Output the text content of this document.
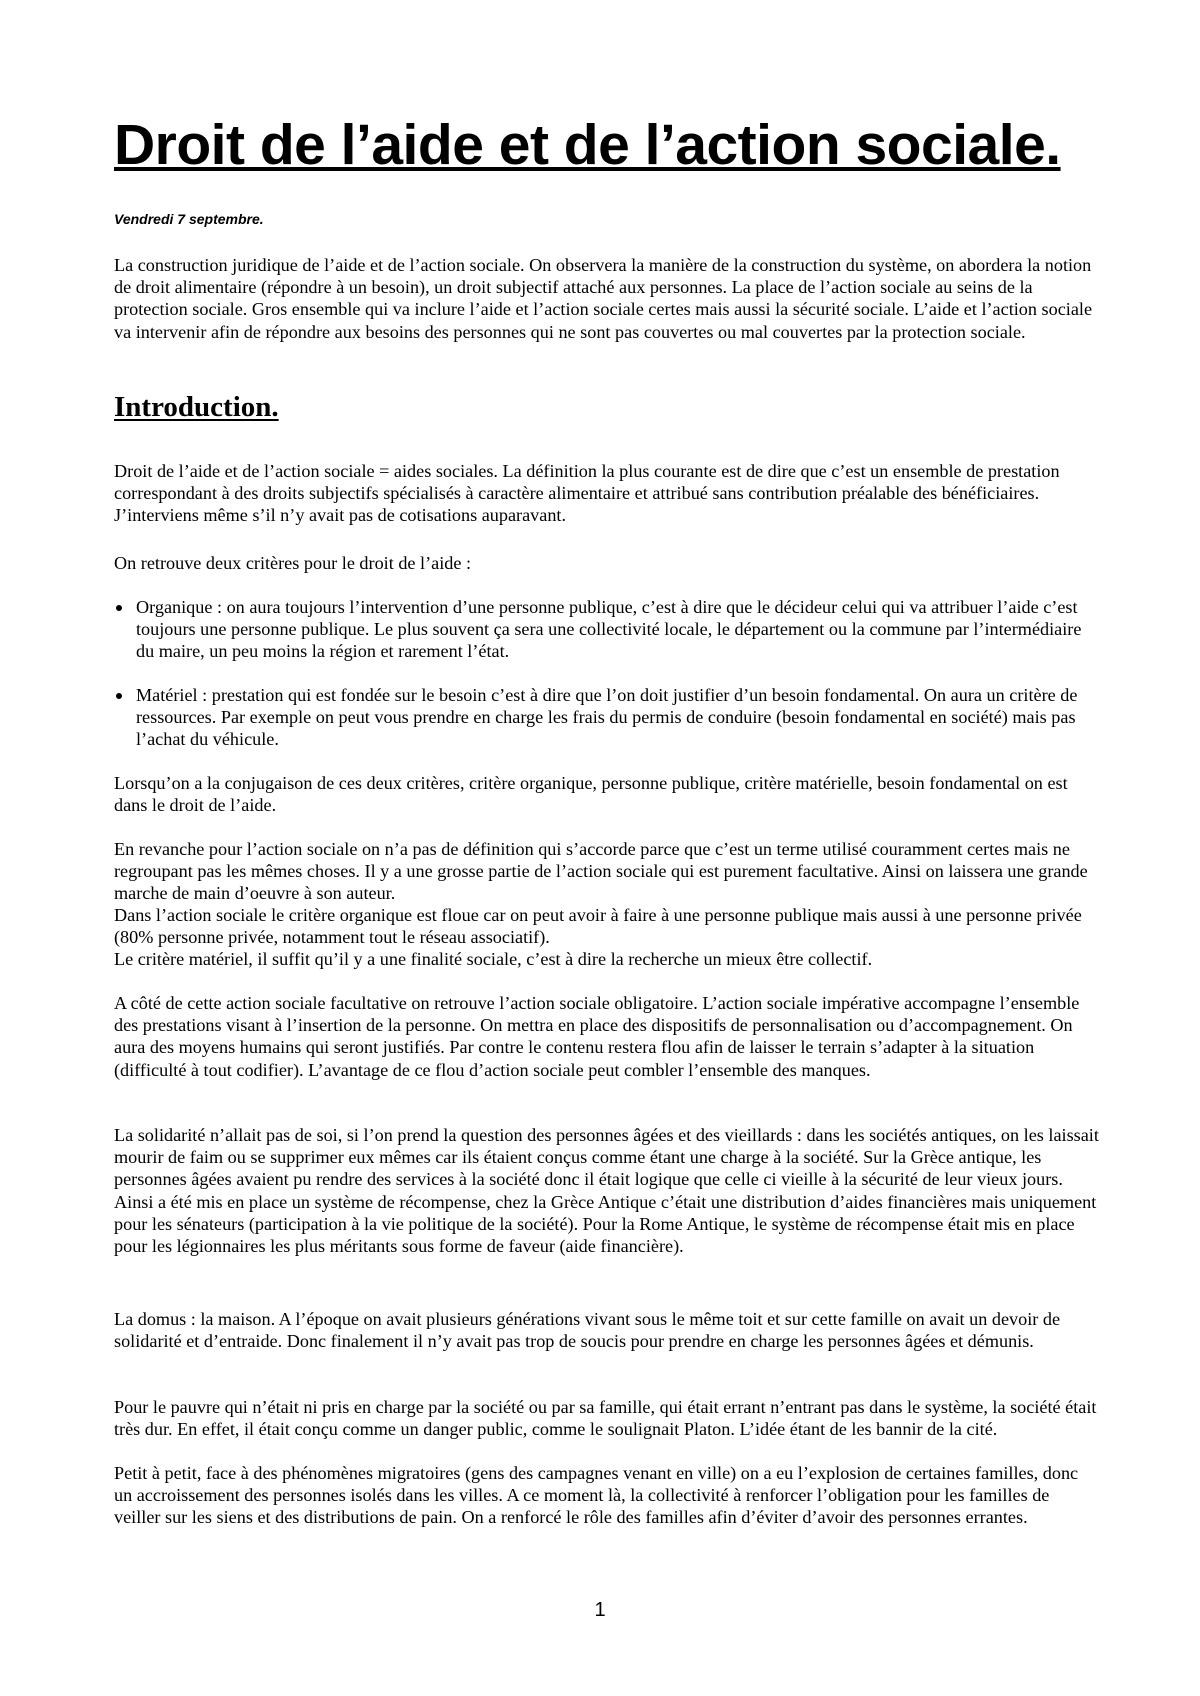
Droit de l’aide et de l’action sociale.

Vendredi 7 septembre.

La construction juridique de l’aide et de l’action sociale. On observera la manière de la construction du système, on abordera la notion de droit alimentaire (répondre à un besoin), un droit subjectif attaché aux personnes. La place de l’action sociale au seins de la protection sociale. Gros ensemble qui va inclure l’aide et l’action sociale certes mais aussi la sécurité sociale. L’aide et l’action sociale va intervenir afin de répondre aux besoins des personnes qui ne sont pas couvertes ou mal couvertes par la protection sociale.

Introduction.

Droit de l’aide et de l’action sociale = aides sociales. La définition la plus courante est de dire que c’est un ensemble de prestation correspondant à des droits subjectifs spécialisés à caractère alimentaire et attribué sans contribution préalable des bénéficiaires. J’interviens même s’il n’y avait pas de cotisations auparavant.

On retrouve deux critères pour le droit de l’aide :

Organique : on aura toujours l’intervention d’une personne publique, c’est à dire que le décideur celui qui va attribuer l’aide c’est toujours une personne publique. Le plus souvent ça sera une collectivité locale, le département ou la commune par l’intermédiaire du maire, un peu moins la région et rarement l’état.
Matériel : prestation qui est fondée sur le besoin c’est à dire que l’on doit justifier d’un besoin fondamental. On aura un critère de ressources. Par exemple on peut vous prendre en charge les frais du permis de conduire (besoin fondamental en société) mais pas l’achat du véhicule.

Lorsqu’on a la conjugaison de ces deux critères, critère organique, personne publique, critère matérielle, besoin fondamental on est dans le droit de l’aide.

En revanche pour l’action sociale on n’a pas de définition qui s’accorde parce que c’est un terme utilisé couramment certes mais ne regroupant pas les mêmes choses. Il y a une grosse partie de l’action sociale qui est purement facultative. Ainsi on laissera une grande marche de main d’oeuvre à son auteur.

Dans l’action sociale le critère organique est floue car on peut avoir à faire à une personne publique mais aussi à une personne privée (80% personne privée, notamment tout le réseau associatif).

Le critère matériel, il suffit qu’il y a une finalité sociale, c’est à dire la recherche un mieux être collectif.

A côté de cette action sociale facultative on retrouve l’action sociale obligatoire. L’action sociale impérative accompagne l’ensemble des prestations visant à l’insertion de la personne. On mettra en place des dispositifs de personnalisation ou d’accompagnement. On aura des moyens humains qui seront justifiés. Par contre le contenu restera flou afin de laisser le terrain s’adapter à la situation (difficulté à tout codifier). L’avantage de ce flou d’action sociale peut combler l’ensemble des manques.

La solidarité n’allait pas de soi, si l’on prend la question des personnes âgées et des vieillards : dans les sociétés antiques, on les laissait mourir de faim ou se supprimer eux mêmes car ils étaient conçus comme étant une charge à la société. Sur la Grèce antique, les personnes âgées avaient pu rendre des services à la société donc il était logique que celle ci vieille à la sécurité de leur vieux jours. Ainsi a été mis en place un système de récompense, chez la Grèce Antique c’était une distribution d’aides financières mais uniquement pour les sénateurs (participation à la vie politique de la société). Pour la Rome Antique, le système de récompense était mis en place pour les légionnaires les plus méritants sous forme de faveur (aide financière).

La domus : la maison. A l’époque on avait plusieurs générations vivant sous le même toit et sur cette famille on avait un devoir de solidarité et d’entraide. Donc finalement il n’y avait pas trop de soucis pour prendre en charge les personnes âgées et démunis.

Pour le pauvre qui n’était ni pris en charge par la société ou par sa famille, qui était errant n’entrant pas dans le système, la société était très dur. En effet, il était conçu comme un danger public, comme le soulignait Platon. L’idée étant de les bannir de la cité.

Petit à petit, face à des phénomènes migratoires (gens des campagnes venant en ville) on a eu l’explosion de certaines familles, donc un accroissement des personnes isolés dans les villes. A ce moment là, la collectivité à renforcer l’obligation pour les familles de veiller sur les siens et des distributions de pain. On a renforcé le rôle des familles afin d’éviter d’avoir des personnes errantes.

1
